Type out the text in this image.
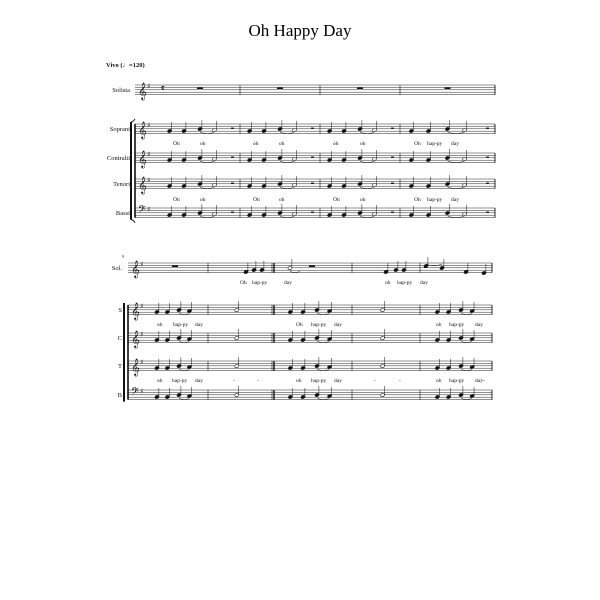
Oh Happy Day
Vivo (♩=120)
9
Solista
Soprani
Contralti
Tenori
Bassi
Oh	oh	oh	oh	oh	oh	Oh hap-py day
Oh	oh	Oh	oh	Oh	oh	Oh hap-py day
Sol.
S
C
T
B
Oh hap-py	day	oh hap-py day
oh hap-py day	Oh hap-py day	oh hap-py day
oh hap-py day	-	-	oh hap-py day	-	-	oh hap-py day-
𝄞 ♯
𝄞 ♯
𝄞 ♯
𝄞 ♯
𝄢 ♯
𝄴
𝄞 ♯
𝄞 ♯
𝄞 ♯
𝄞 ♯
𝄢 ♯
